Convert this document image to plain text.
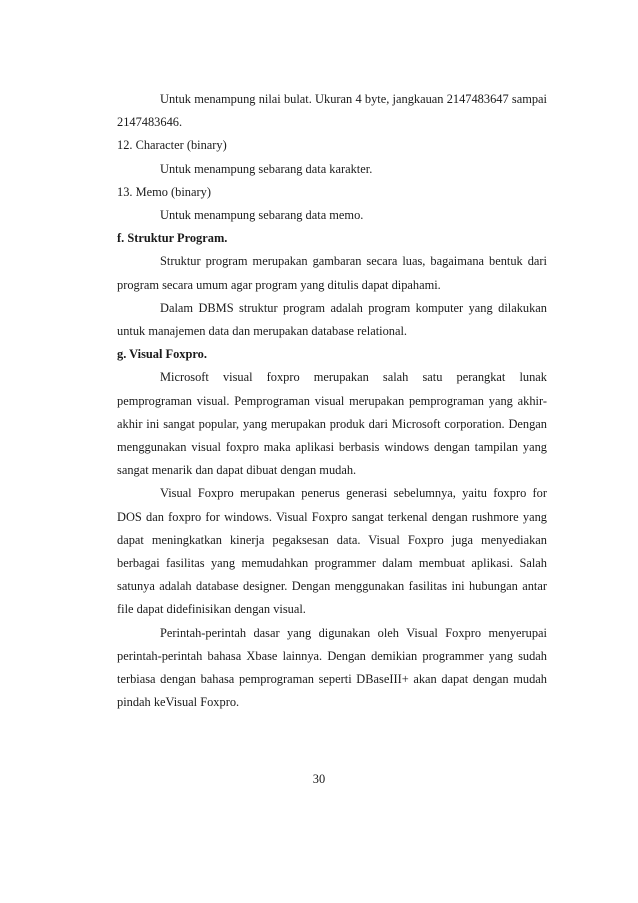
Untuk menampung nilai bulat. Ukuran 4 byte, jangkauan 2147483647 sampai 2147483646.

12. Character (binary)

Untuk menampung sebarang data karakter.

13. Memo (binary)

Untuk menampung sebarang data memo.

f. Struktur Program.

Struktur program merupakan gambaran secara luas, bagaimana bentuk dari program secara umum agar program yang ditulis dapat dipahami.

Dalam DBMS struktur program adalah program komputer yang dilakukan untuk manajemen data dan merupakan database relational.

g. Visual Foxpro.

Microsoft visual foxpro merupakan salah satu perangkat lunak pemprograman visual. Pemprograman visual merupakan pemprograman yang akhir-akhir ini sangat popular, yang merupakan produk dari Microsoft corporation. Dengan menggunakan visual foxpro maka aplikasi berbasis windows dengan tampilan yang sangat menarik dan dapat dibuat dengan mudah.

Visual Foxpro merupakan penerus generasi sebelumnya, yaitu foxpro for DOS dan foxpro for windows. Visual Foxpro sangat terkenal dengan rushmore yang dapat meningkatkan kinerja pegaksesan data. Visual Foxpro juga menyediakan berbagai fasilitas yang memudahkan programmer dalam membuat aplikasi. Salah satunya adalah database designer. Dengan menggunakan fasilitas ini hubungan antar file dapat didefinisikan dengan visual.

Perintah-perintah dasar yang digunakan oleh Visual Foxpro menyerupai perintah-perintah bahasa Xbase lainnya. Dengan demikian programmer yang sudah terbiasa dengan bahasa pemprograman seperti DBaseIII+ akan dapat dengan mudah pindah keVisual Foxpro.

30
